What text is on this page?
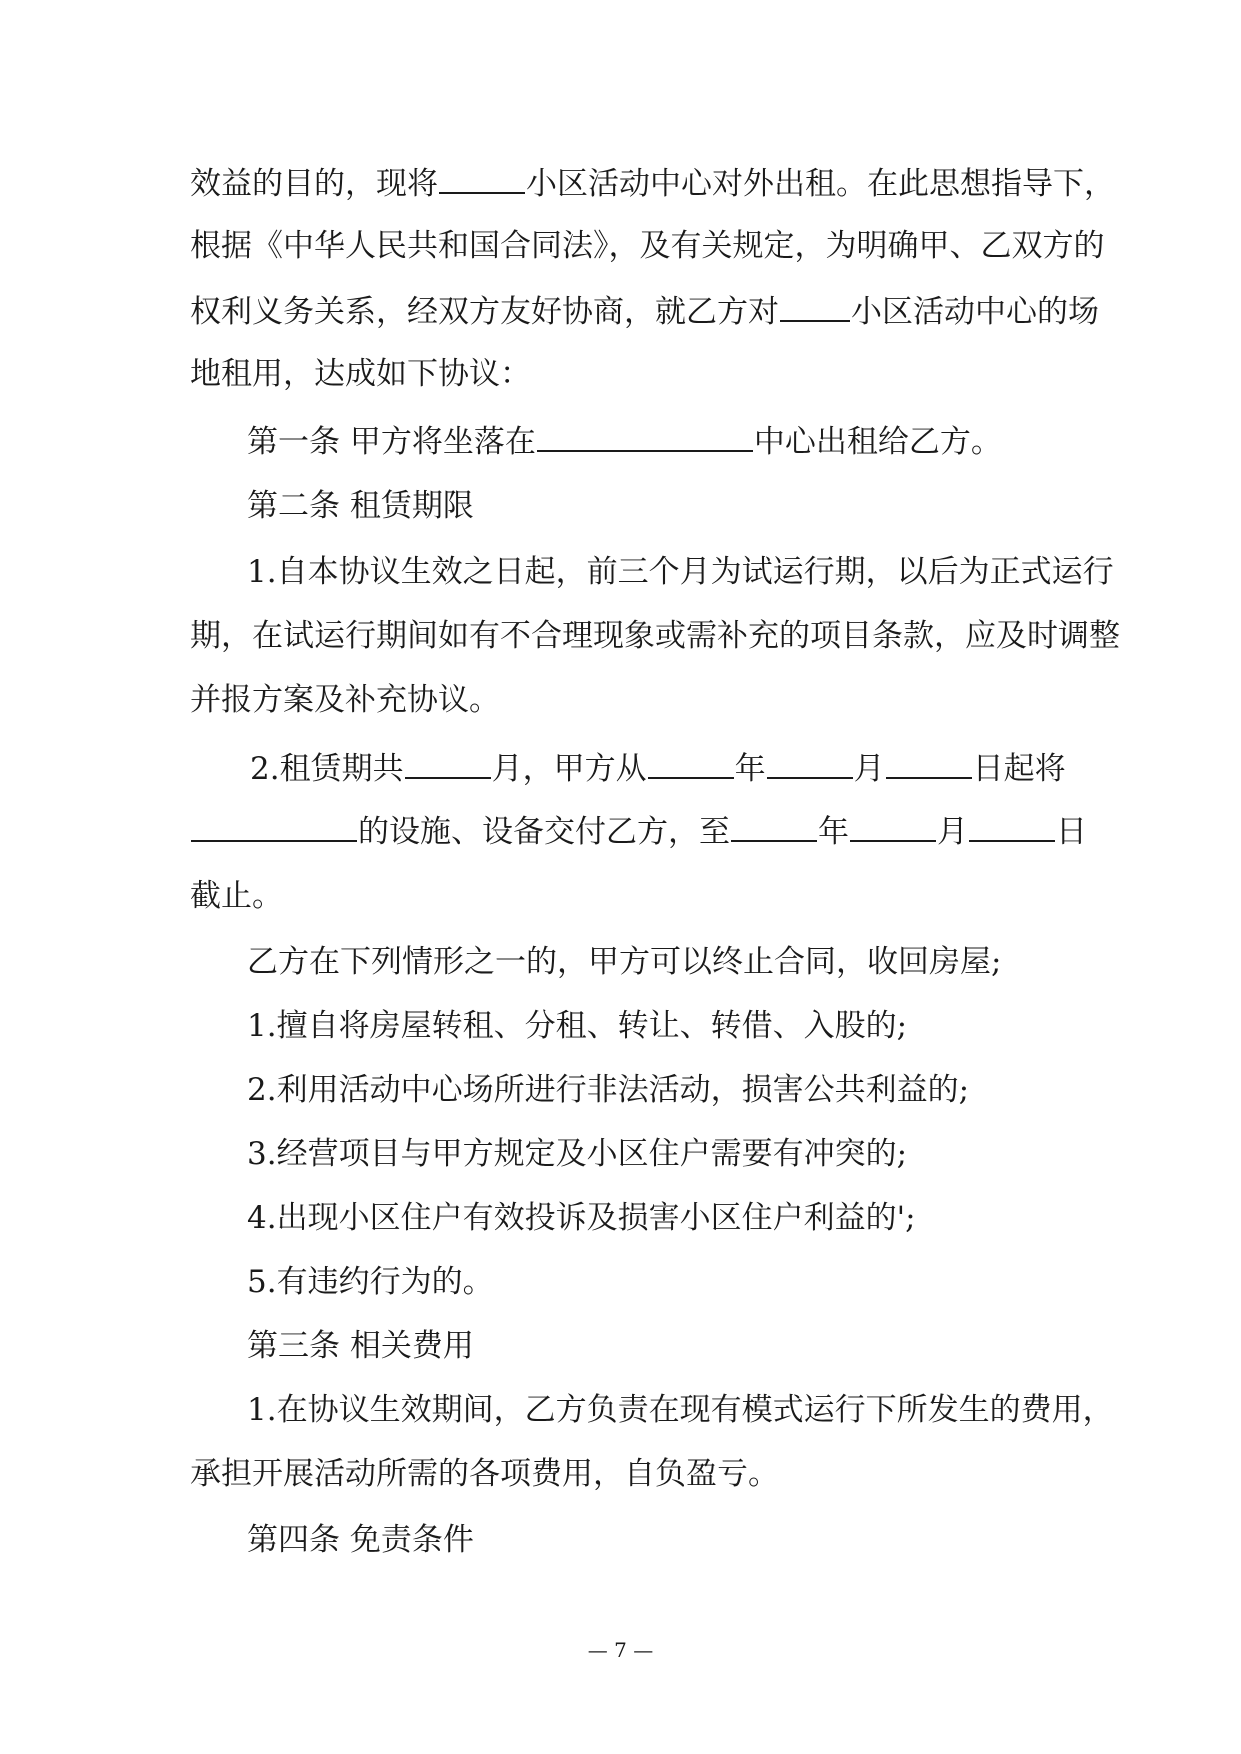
效益的目的，现将	小区活动中心对外出租。在此思想指导下，
根据《中华人民共和国合同法》，及有关规定，为明确甲、乙双方的
权利义务关系，经双方友好协商，就乙方对 小区活动中心的场
地租用，达成如下协议：
第一条 甲方将坐落在	中心出租给乙方。
第二条 租赁期限
1.自本协议生效之日起，前三个月为试运行期，以后为正式运行
期，在试运行期间如有不合理现象或需补充的项目条款，应及时调整
并报方案及补充协议。
2.租赁期共	月，甲方从	年	月	日起将
的设施、设备交付乙方，至	年	月	日
截止。
乙方在下列情形之一的，甲方可以终止合同，收回房屋;
1.擅自将房屋转租、分租、转让、转借、入股的;
2.利用活动中心场所进行非法活动，损害公共利益的;
3.经营项目与甲方规定及小区住户需要有冲突的;
4.出现小区住户有效投诉及损害小区住户利益的';
5.有违约行为的。
第三条 相关费用
1.在协议生效期间，乙方负责在现有模式运行下所发生的费用，
承担开展活动所需的各项费用，自负盈亏。
第四条 免责条件
— 7 —
